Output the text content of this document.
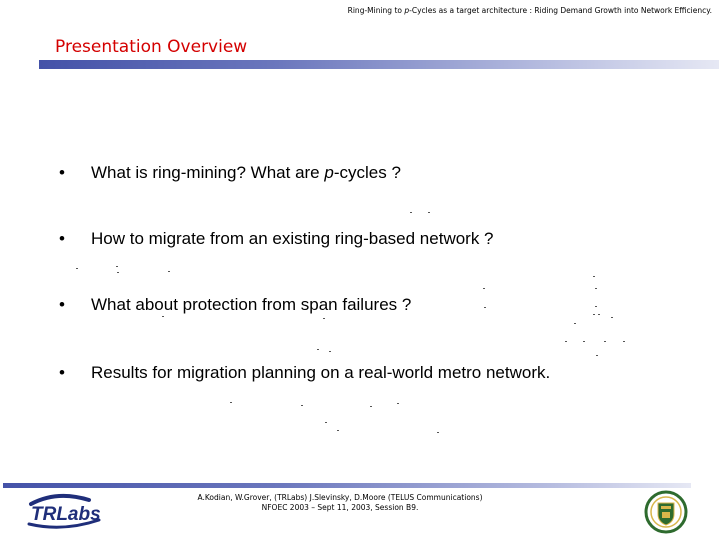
Ring-Mining to p-Cycles as a target architecture : Riding Demand Growth into Network Efficiency.
Presentation Overview
• What is ring-mining? What are p-cycles ?
• How to migrate from an existing ring-based network ?
• What about protection from span failures ?
• Results for migration planning on a real-world metro network.
TRLabs
A.Kodian, W.Grover, (TRLabs) J.Slevinsky, D.Moore (TELUS Communications)
NFOEC 2003 – Sept 11, 2003, Session B9.
